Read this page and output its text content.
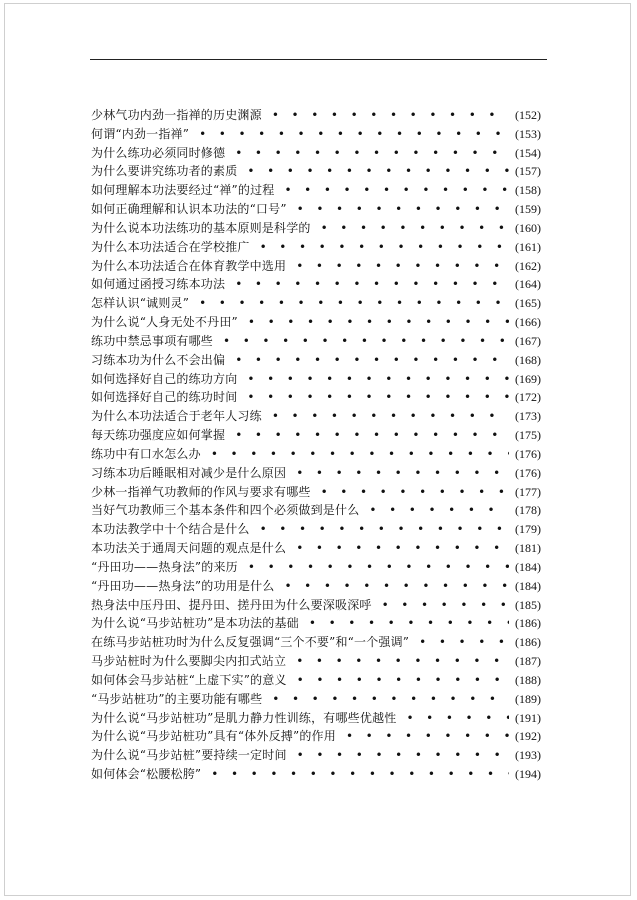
少林气功内劲一指禅的历史渊源 • • •	(152)
何谓“内劲一指禅” • • •	(153)
为什么练功必须同时修德 • • •	(154)
为什么要讲究练功者的素质 • • •	(157)
如何理解本功法要经过“禅”的过程 • • •	(158)
如何正确理解和认识本功法的“口号” • • •	(159)
为什么说本功法练功的基本原则是科学的 • • •	(160)
为什么本功法适合在学校推广 • • •	(161)
为什么本功法适合在体育教学中选用 • • •	(162)
如何通过函授习练本功法 • • •	(164)
怎样认识“诚则灵” • • •	(165)
为什么说“人身无处不丹田” • • •	(166)
练功中禁忌事项有哪些 • • •	(167)
习练本功为什么不会出偏 • • •	(168)
如何选择好自己的练功方向 • • •	(169)
如何选择好自己的练功时间 • • •	(172)
为什么本功法适合于老年人习练 • • •	(173)
每天练功强度应如何掌握 • • •	(175)
练功中有口水怎么办 • • •	(176)
习练本功后睡眠相对减少是什么原因 • • •	(176)
少林一指禅气功教师的作风与要求有哪些 • • •	(177)
当好气功教师三个基本条件和四个必须做到是什么 • • •	(178)
本功法教学中十个结合是什么 • • •	(179)
本功法关于通周天问题的观点是什么 • • •	(181)
“丹田功——热身法”的来历 • • •	(184)
“丹田功——热身法”的功用是什么 • • •	(184)
热身法中压丹田、提丹田、搓丹田为什么要深吸深呼 • • •	(185)
为什么说“马步站桩功”是本功法的基础 • • •	(186)
在练马步站桩功时为什么反复强调“三个不要”和“一个强调” • • •	(186)
马步站桩时为什么要脚尖内扣式站立 • • •	(187)
如何体会马步站桩“上虚下实”的意义 • • •	(188)
“马步站桩功”的主要功能有哪些 • • •	(189)
为什么说“马步站桩功”是肌力静力性训练，有哪些优越性 • • •	(191)
为什么说“马步站桩功”具有“体外反搏”的作用 • • •	(192)
为什么说“马步站桩”要持续一定时间 • • •	(193)
如何体会“松腰松胯” • • •	(194)
